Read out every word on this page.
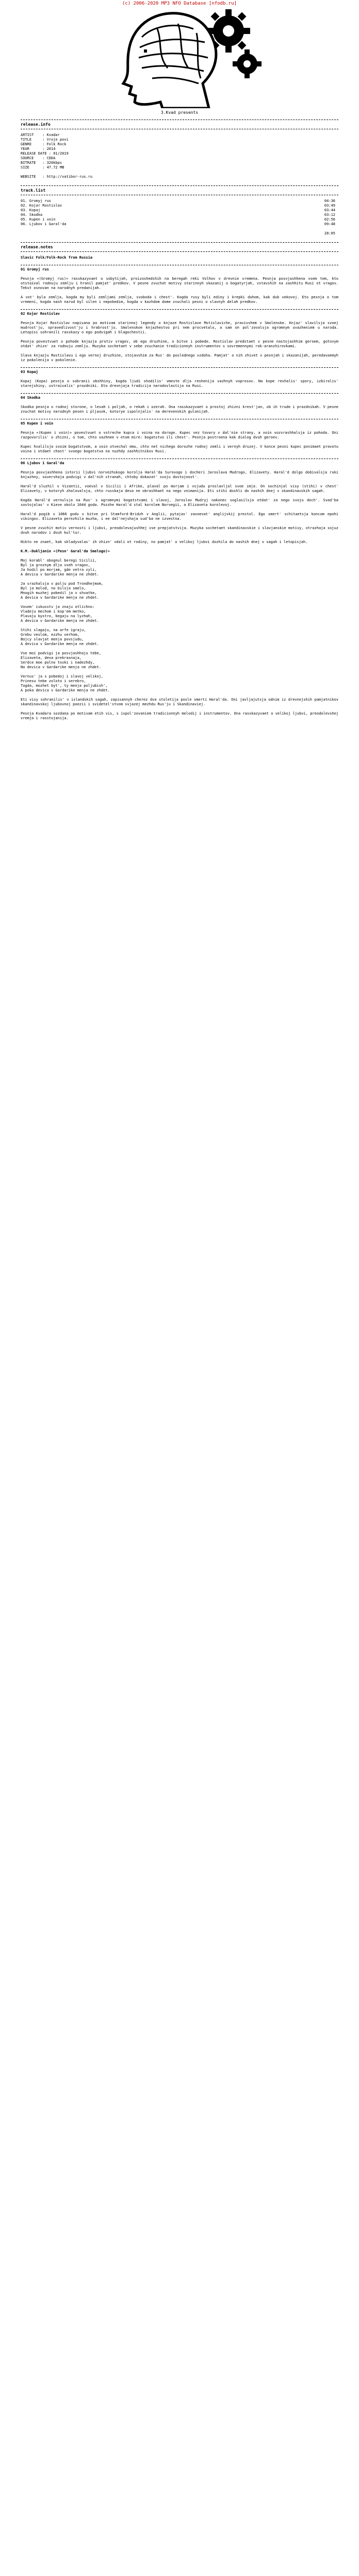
(c) 2006-2020 MP3 NFO Database [nfodb.ru]
3.Kvad presents
release.info
ARTIST    : Kvadar
TITLE     : Vroje povi
GENRE     : Folk Rock
YEAR      : 2014
RELEASE DATE : 01/2019
SOURCE    : CDDA
BITRATE   : 320kbps
SIZE      : 47.72 MB

WEBSITE   : http://vatibor-rus.ru
track.list
01. Gromyj rus	04:36
02. Kojar Rostislav	03:49
03. Kopaj	03:44
04. Skodka	03:12
05. Kupen i voin	02:56
06. Ljubov i Garal'da	09:48
28:05
release.notes
Slavic Folk/Folk-Rock from Russia
01 Gromyj rus

Pesnja «(Gromyj rus)» rasskazyvaet o sobytijah, proizoshedshih na beregah reki Volhov v drevnie vremena. Pesnja posvjashhena vsem tem, kto otstaival rodnuju zemlju i hranil pamjat' predkov. V pesne zvuchat motivy starinnyh skazanij o bogatyrjah, vstavshih na zashhitu Rusi ot vragov. Tekst osnovan na narodnyh predanijah.

A vot' byla zemlja, kogda my byli zemljami zemlja, svoboda i chest'. Kogda rusy byli ediny i krepki duhom, kak dub vekovoj. Eto pesnja o tom vremeni, kogda nash narod byl silen i nepobedim, kogda v kazhdom dome zvuchali pesni o slavnyh delah predkov.

02 Kojar Rostislav

Pesnja Kojar Rostislav napisana po motivam starinnoj legendy o knjaze Rostislave Mstislaviche, pravivshem v Smolenske. Knjaz' slavilsja svoej mudrost'ju, spravedlivost'ju i hrabrost'ju. Smolenskoe knjazhestvo pri nem procvetalo, a sam on pol'zovalsja ogromnym uvazheniem u naroda. Letopisi sohranili rasskazy o ego podvigah i blagochestii.

Pesnja povestvuet o pohode knjazja protiv vragov, ob ego druzhine, o bitve i pobede. Rostislav predstaet v pesne nastojashhim geroem, gotovym otdat' zhizn' za rodnuju zemlju. Muzyka sochetaet v sebe zvuchanie tradicionnyh instrumentov s sovremennymi rok-aranzhirovkami.

Slava knjazju Rostislavu i ego vernoj druzhine, stojavshim za Rus' do poslednego vzdoha. Pamjat' o nih zhivet v pesnjah i skazanijah, peredavaemyh iz pokolenija v pokolenie.

03 Kopaj

Kopaj (Kopa) pesnja o sobranii obshhiny, kogda ljudi shodilis' vmeste dlja reshenija vazhnyh voprosov. Na kope reshalis' spory, izbiralis' starejshiny, ustraivalis' prazdniki. Eto drevnjaja tradicija narodovlastija na Rusi.

04 Skodka

Skodka pesnja o rodnoj storone, o lesah i poljah, o rekah i ozerah. Ona rasskazyvaet o prostoj zhizni krest'jan, ob ih trude i prazdnikah. V pesne zvuchat motivy narodnyh pesen i pljasok, kotorye ispolnjalis' na derevenskih gulanijah.

05 Kupen i voin

Pesnja «(Kupen i voin)» povestvuet o vstreche kupca i voina na doroge. Kupec vez tovary v dal'nie strany, a voin vozvrashhalsja iz pohoda. Oni razgovorilis' o zhizni, o tom, chto vazhnee v etom mire: bogatstvo ili chest'. Pesnja postroena kak dialog dvuh geroev.

Kupec hvalilsja svoim bogatstvom, a voin otvechal emu, chto net nichego dorozhe rodnoj zemli i vernyh druzej. V konce pesni kupec ponimaet pravotu voina i otdaet chast' svoego bogatstva na nuzhdy zashhitnikov Rusi.

06 Ljubov i Garal'da

Pesnja posvjashhena istorii ljubvi norvezhskogo korolja Haral'da Surovogo i docheri Jaroslava Mudrogo, Elizavety. Haral'd dolgo dobivalsja ruki knjazhny, sovershaja podvigi v dal'nih stranah, chtoby dokazat' svoju dostojnost'.

Haral'd sluzhil v Vizantii, voeval v Sicilii i Afrike, plaval po morjam i vsjudu proslavljal svoe imja. On sochinjal visy (stihi) v chest' Elizavety, v kotoryh zhalovalsja, chto russkaja deva ne obrashhaet na nego vnimanija. Eti stihi doshli do nashih dnej v skandinavskih sagah.

Kogda Haral'd vernulsja na Rus' s ogromnymi bogatstvami i slavoj, Jaroslav Mudryj nakonec soglasilsja otdat' za nego svoju doch'. Svad'ba sostojalas' v Kieve okolo 1044 goda. Pozzhe Haral'd stal korolem Norvegii, a Elizaveta korolevoj.

Haral'd pogib v 1066 godu v bitve pri Stamford-Bridzh v Anglii, pytajas' zavoevat' anglijskij prestol. Ego smert' schitaetsja koncom epohi vikingov. Elizaveta perezhila muzha, i ee dal'nejshaja sud'ba ne izvestna.

V pesne zvuchit motiv vernosti i ljubvi, preodolevajushhej vse prepjatstvija. Muzyka sochetaet skandinavskie i slavjanskie motivy, otrazhaja sojuz dvuh narodov i dvuh kul'tur.

Nikto ne znaet, kak skladyvalas' ih zhizn' vdali ot rodiny, no pamjat' o velikoj ljubvi dozhila do nashih dnej v sagah i letopisjah.

K.M.-Dukljanin «(Pesn' Garal'da Smelogo)»
Moj korabl' obognul beregi Sicilii,
Byl ja groznym dlja vseh vragov,
Ja hodil po morjam, gde vetra vyli,
A devica v Gardarike menja ne zhdet.
Ja srazhalsja v polju pod Trondhejmom,
Byl ja molod, no bilsja smelo,
Mnogih muzhej pobedil ja v shvatke,
A devica v Gardarike menja ne zhdet.
Vosem' iskusstv ja znaju otlichno:
Vladeju mechom i kop'em metko,
Plavaju bystro, begaju na lyzhah,
A devica v Gardarike menja ne zhdet.
Stihi slagaju, na arfe igraju,
Grebu veslom, ezzhu verhom,
Bojcy slavjat menja povsjudu,
A devica v Gardarike menja ne zhdet.
Vse moi podvigi ja posvjashhaju tebe,
Elizaveta, deva prekrasnaja,
Serdce moe polno toski i nadezhdy,
No devica v Gardarike menja ne zhdet.
Vernus' ja s pobedoj i slavoj velikoj,
Prinesu tebe zoloto i serebro,
Togda, mozhet byt', ty menja poljubish',
A poka devica v Gardarike menja ne zhdet.

Eti visy sohranilis' v islandskih sagah, zapisannyh cherez dva stoletija posle smerti Haral'da. Oni javljajutsja odnim iz drevnejshih pamjatnikov skandinavskoj ljubovnoj poezii i svidetel'stvom svjazej mezhdu Rus'ju i Skandinaviej.

Pesnja Kvadara sozdana po motivam etih vis, s ispol'zovaniem tradicionnyh melodij i instrumentov. Ona rasskazyvaet o velikoj ljubvi, preodolevshej vremja i rasstojanija.
